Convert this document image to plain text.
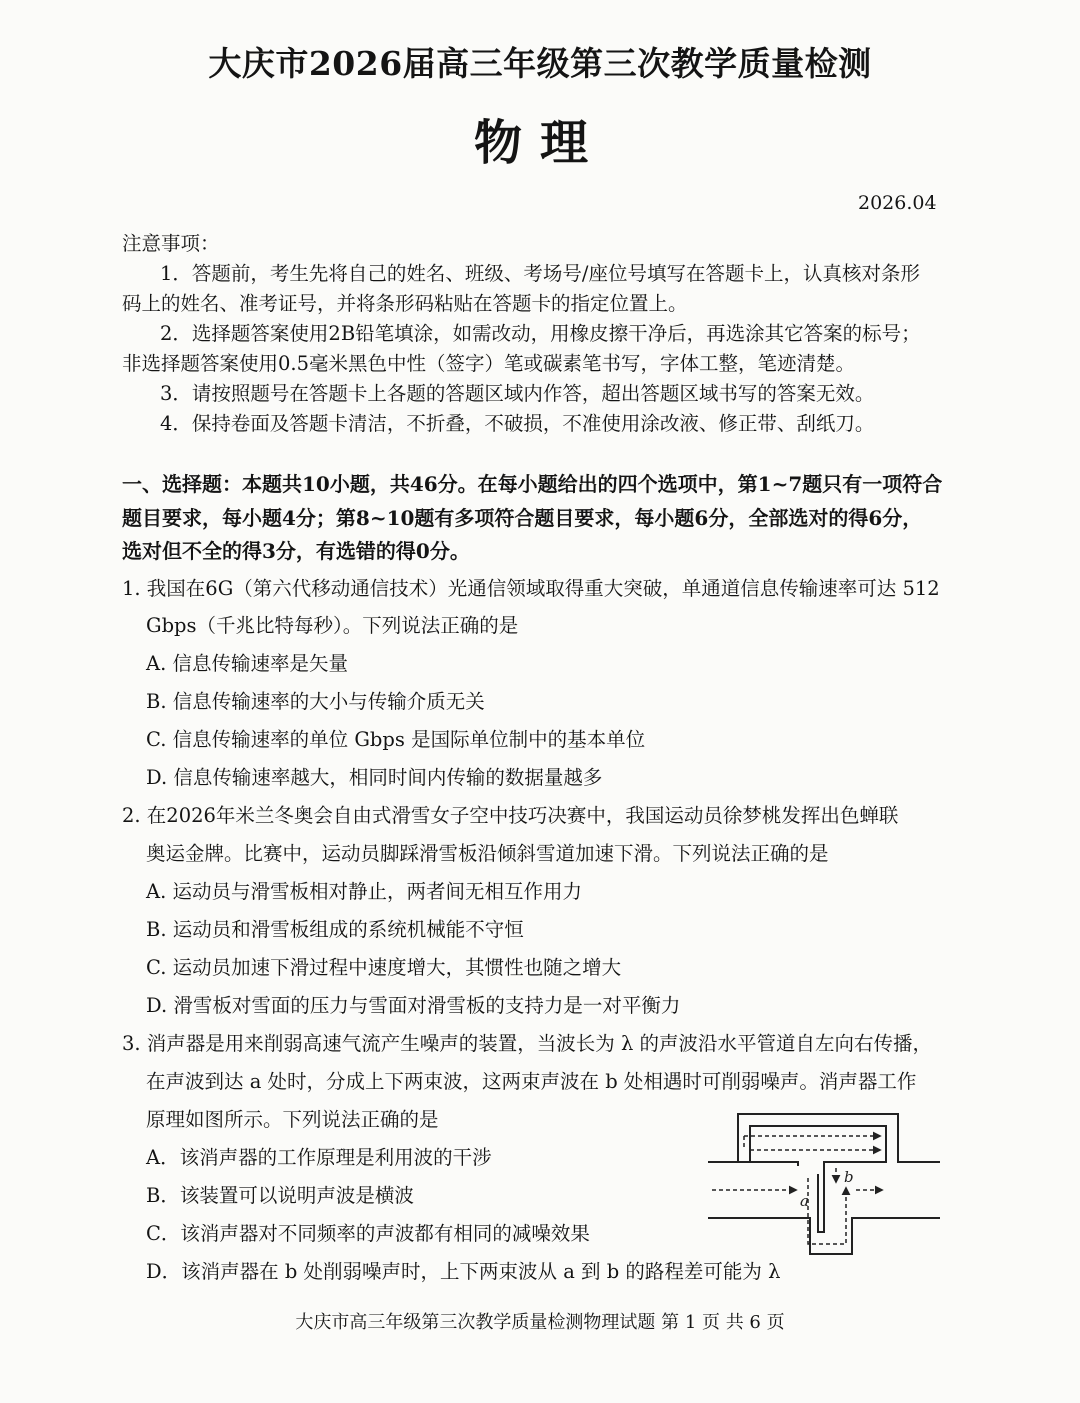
大庆市2026届高三年级第三次教学质量检测
物理
2026.04
注意事项：
1．答题前，考生先将自己的姓名、班级、考场号/座位号填写在答题卡上，认真核对条形
码上的姓名、准考证号，并将条形码粘贴在答题卡的指定位置上。
2．选择题答案使用2B铅笔填涂，如需改动，用橡皮擦干净后，再选涂其它答案的标号；
非选择题答案使用0.5毫米黑色中性（签字）笔或碳素笔书写，字体工整，笔迹清楚。
3．请按照题号在答题卡上各题的答题区域内作答，超出答题区域书写的答案无效。
4．保持卷面及答题卡清洁，不折叠，不破损，不准使用涂改液、修正带、刮纸刀。
一、选择题：本题共10小题，共46分。在每小题给出的四个选项中，第1~7题只有一项符合
题目要求，每小题4分；第8~10题有多项符合题目要求，每小题6分，全部选对的得6分，
选对但不全的得3分，有选错的得0分。
1. 我国在6G（第六代移动通信技术）光通信领域取得重大突破，单通道信息传输速率可达 512
Gbps（千兆比特每秒）。下列说法正确的是
A. 信息传输速率是矢量
B. 信息传输速率的大小与传输介质无关
C. 信息传输速率的单位 Gbps 是国际单位制中的基本单位
D. 信息传输速率越大，相同时间内传输的数据量越多
2. 在2026年米兰冬奥会自由式滑雪女子空中技巧决赛中，我国运动员徐梦桃发挥出色蝉联
奥运金牌。比赛中，运动员脚踩滑雪板沿倾斜雪道加速下滑。下列说法正确的是
A. 运动员与滑雪板相对静止，两者间无相互作用力
B. 运动员和滑雪板组成的系统机械能不守恒
C. 运动员加速下滑过程中速度增大，其惯性也随之增大
D. 滑雪板对雪面的压力与雪面对滑雪板的支持力是一对平衡力
3. 消声器是用来削弱高速气流产生噪声的装置，当波长为 λ 的声波沿水平管道自左向右传播，
在声波到达 a 处时，分成上下两束波，这两束声波在 b 处相遇时可削弱噪声。消声器工作
原理如图所示。下列说法正确的是
A．该消声器的工作原理是利用波的干涉
B．该装置可以说明声波是横波
C．该消声器对不同频率的声波都有相同的减噪效果
D．该消声器在 b 处削弱噪声时，上下两束波从 a 到 b 的路程差可能为 λ
a
b
大庆市高三年级第三次教学质量检测物理试题 第 1 页 共 6 页
